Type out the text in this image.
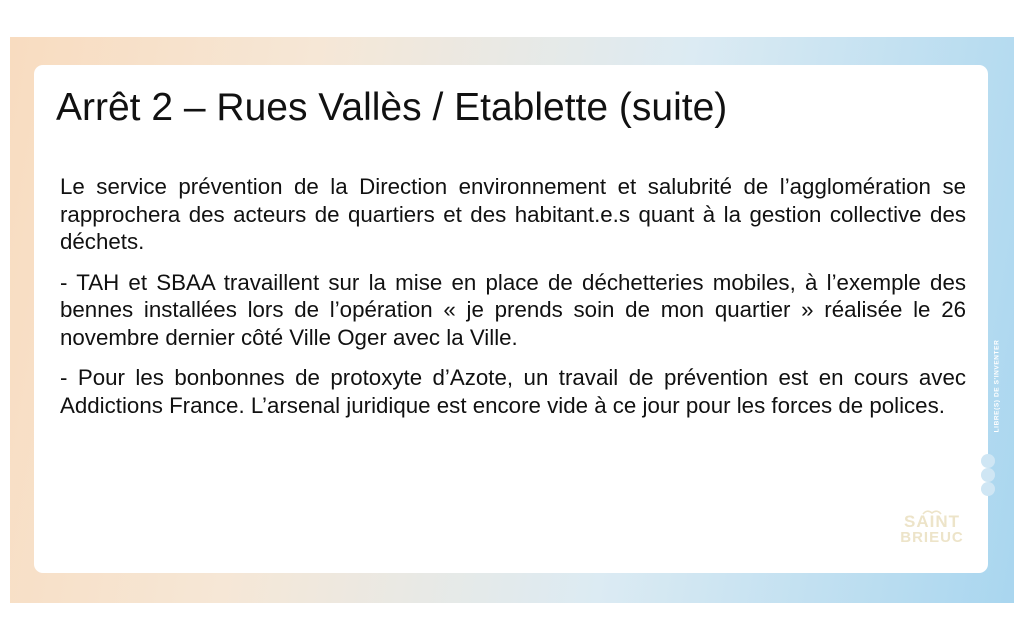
Arrêt 2 – Rues Vallès / Etablette (suite)

Le service prévention de la Direction environnement et salubrité de l’agglomération se rapprochera des acteurs de quartiers et des habitant.e.s quant à la gestion collective des déchets.

- TAH et SBAA travaillent sur la mise en place de déchetteries mobiles, à l’exemple des bennes installées lors de l’opération « je prends soin de mon quartier » réalisée le 26 novembre dernier côté Ville Oger avec la Ville.

- Pour les bonbonnes de protoxyte d’Azote, un travail de prévention est en cours avec Addictions France. L’arsenal juridique est encore vide à ce jour pour les forces de polices.	LIBRE(S) DE S'INVENTER
SAINT
BRIEUC
